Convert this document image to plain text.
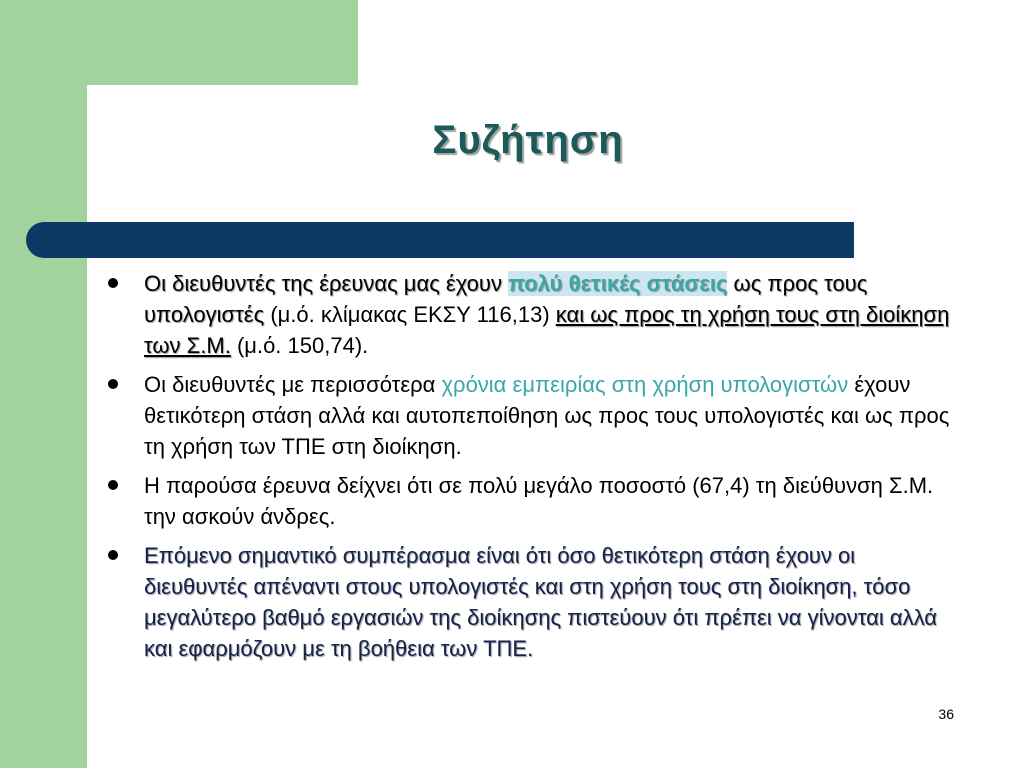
Συζήτηση
Οι διευθυντές της έρευνας μας έχουν πολύ θετικές στάσεις ως προς τους υπολογιστές (μ.ό. κλίμακας ΕΚΣΥ 116,13) και ως προς τη χρήση τους στη διοίκηση των Σ.Μ. (μ.ό. 150,74).
Οι διευθυντές με περισσότερα χρόνια εμπειρίας στη χρήση υπολογιστών έχουν θετικότερη στάση αλλά και αυτοπεποίθηση ως προς τους υπολογιστές και ως προς τη χρήση των ΤΠΕ στη διοίκηση.
Η παρούσα έρευνα δείχνει ότι σε πολύ μεγάλο ποσοστό (67,4) τη διεύθυνση Σ.Μ. την ασκούν άνδρες.
Επόμενο σημαντικό συμπέρασμα είναι ότι όσο θετικότερη στάση έχουν οι διευθυντές απέναντι στους υπολογιστές και στη χρήση τους στη διοίκηση, τόσο μεγαλύτερο βαθμό εργασιών της διοίκησης πιστεύουν ότι πρέπει να γίνονται αλλά και εφαρμόζουν με τη βοήθεια των ΤΠΕ.
36
